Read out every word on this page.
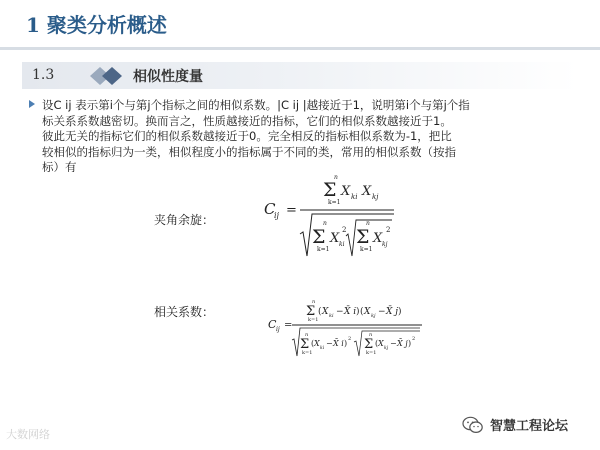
1 聚类分析概述
1.3	相似性度量
设C ij 表示第i个与第j个指标之间的相似系数。|C ij |越接近于1，说明第i个与第j个指
标关系系数越密切。换而言之，性质越接近的指标，它们的相似系数越接近于1。
彼此无关的指标它们的相似系数越接近于0。完全相反的指标相似系数为-1，把比
较相似的指标归为一类，相似程度小的指标属于不同的类，常用的相似系数（按指
标）有
夹角余旋：
C
ij =
n
Σ
k=1
X ki X kj
n
Σ
k=1
X ki
2
n
Σ
k=1
X kj
2
相关系数：
C ij =
n
Σ
k=1
( X ki − X̄ i ) ( X kj − X̄ j )
n
Σ
k=1
( X
ki
− X̄ i ) 2
n
Σ
k=1
( X
kj
− X̄ j ) 2
大数网络
智慧工程论坛
